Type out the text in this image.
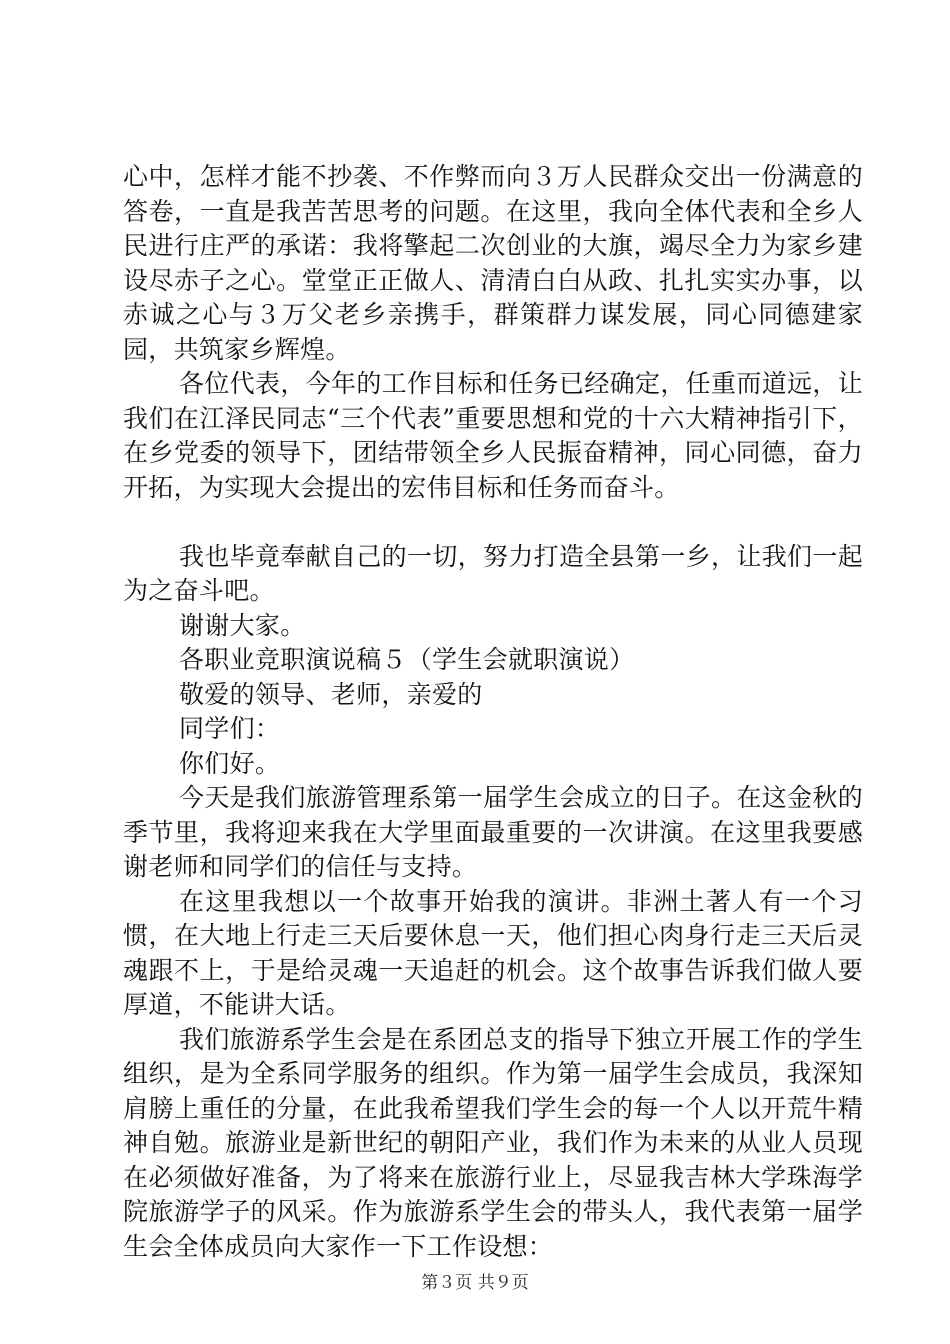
心中，怎样才能不抄袭、不作弊而向３万人民群众交出一份满意的答卷，一直是我苦苦思考的问题。在这里，我向全体代表和全乡人民进行庄严的承诺：我将擎起二次创业的大旗，竭尽全力为家乡建设尽赤子之心。堂堂正正做人、清清白白从政、扎扎实实办事，以赤诚之心与３万父老乡亲携手，群策群力谋发展，同心同德建家园，共筑家乡辉煌。

各位代表，今年的工作目标和任务已经确定，任重而道远，让我们在江泽民同志“三个代表”重要思想和党的十六大精神指引下，在乡党委的领导下，团结带领全乡人民振奋精神，同心同德，奋力开拓，为实现大会提出的宏伟目标和任务而奋斗。

我也毕竟奉献自己的一切，努力打造全县第一乡，让我们一起为之奋斗吧。

谢谢大家。

各职业竞职演说稿５（学生会就职演说）

敬爱的领导、老师，亲爱的

同学们：

你们好。

今天是我们旅游管理系第一届学生会成立的日子。在这金秋的季节里，我将迎来我在大学里面最重要的一次讲演。在这里我要感谢老师和同学们的信任与支持。

在这里我想以一个故事开始我的演讲。非洲土著人有一个习惯，在大地上行走三天后要休息一天，他们担心肉身行走三天后灵魂跟不上，于是给灵魂一天追赶的机会。这个故事告诉我们做人要厚道，不能讲大话。

我们旅游系学生会是在系团总支的指导下独立开展工作的学生组织，是为全系同学服务的组织。作为第一届学生会成员，我深知肩膀上重任的分量，在此我希望我们学生会的每一个人以开荒牛精神自勉。旅游业是新世纪的朝阳产业，我们作为未来的从业人员现在必须做好准备，为了将来在旅游行业上，尽显我吉林大学珠海学院旅游学子的风采。作为旅游系学生会的带头人，我代表第一届学生会全体成员向大家作一下工作设想：

第３页 共９页
